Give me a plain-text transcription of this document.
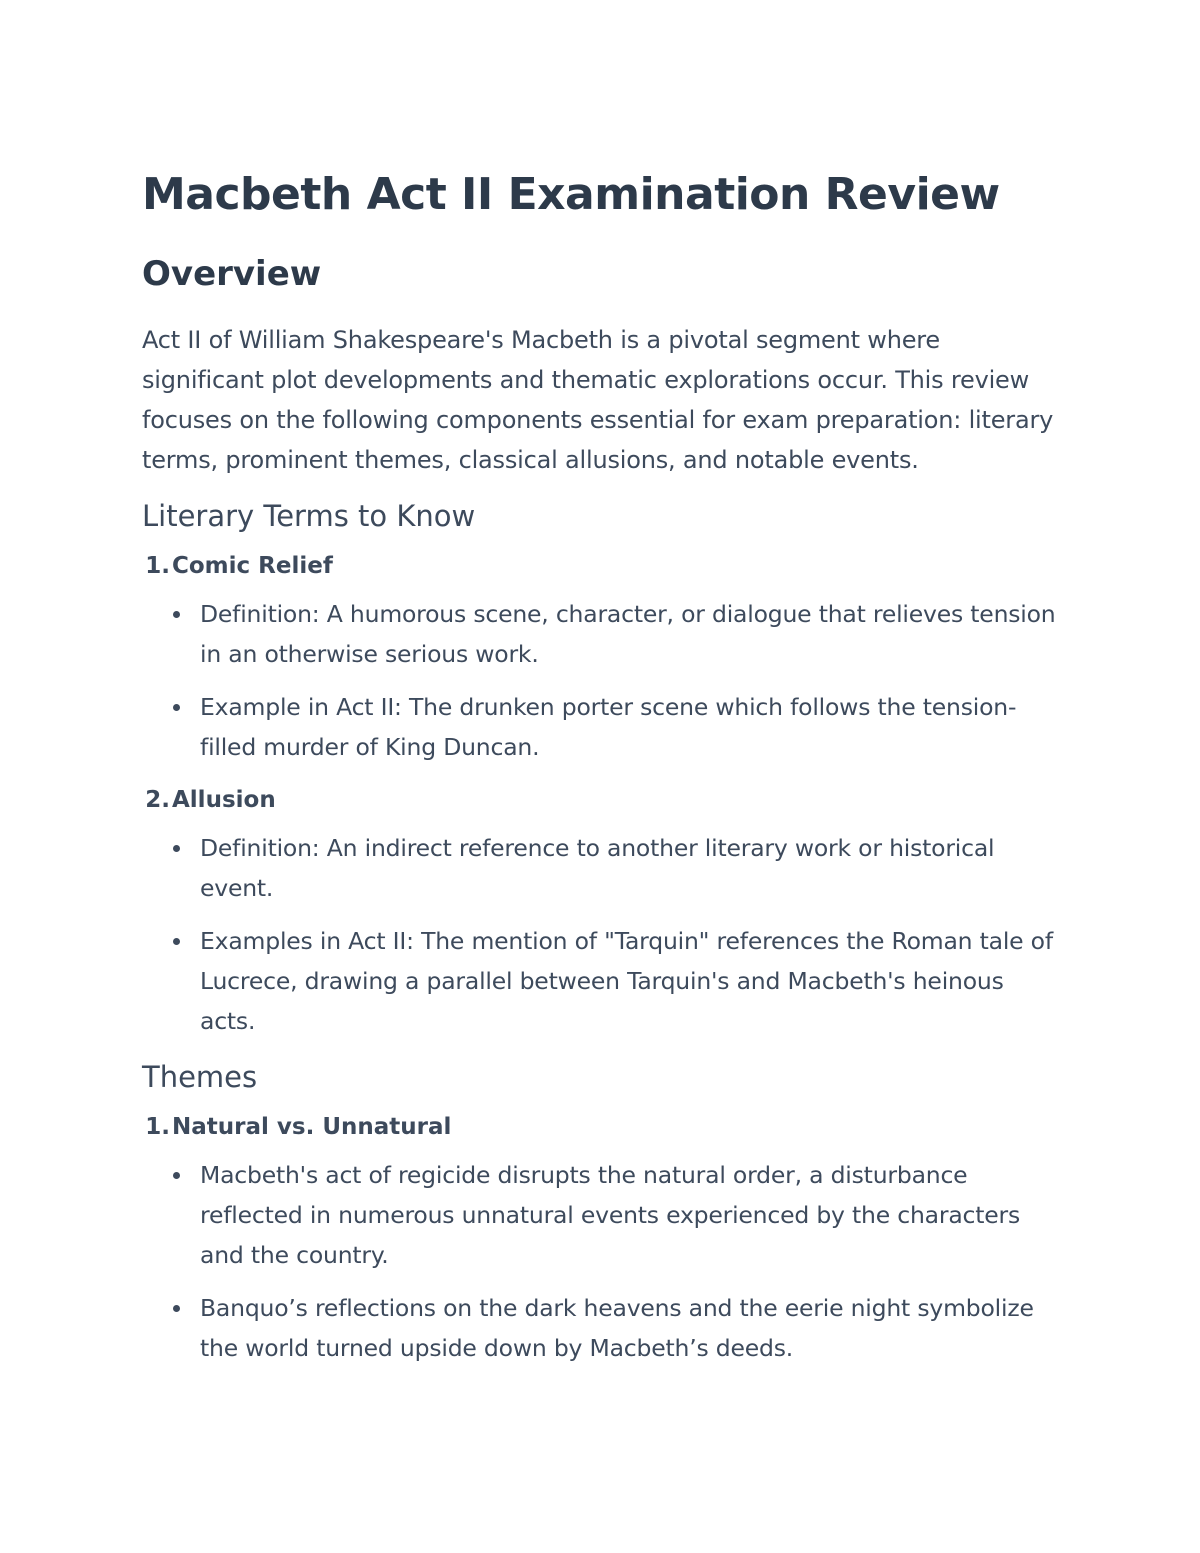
Macbeth Act II Examination Review
Overview

Act II of William Shakespeare's Macbeth is a pivotal segment where significant plot developments and thematic explorations occur. This review focuses on the following components essential for exam preparation: literary terms, prominent themes, classical allusions, and notable events.

Literary Terms to Know
1. Comic Relief
Definition: A humorous scene, character, or dialogue that relieves tension in an otherwise serious work.
Example in Act II: The drunken porter scene which follows the tension-filled murder of King Duncan.
2. Allusion
Definition: An indirect reference to another literary work or historical event.
Examples in Act II: The mention of "Tarquin" references the Roman tale of Lucrece, drawing a parallel between Tarquin's and Macbeth's heinous acts.
Themes
1. Natural vs. Unnatural
Macbeth's act of regicide disrupts the natural order, a disturbance reflected in numerous unnatural events experienced by the characters and the country.
Banquo’s reflections on the dark heavens and the eerie night symbolize the world turned upside down by Macbeth’s deeds.
